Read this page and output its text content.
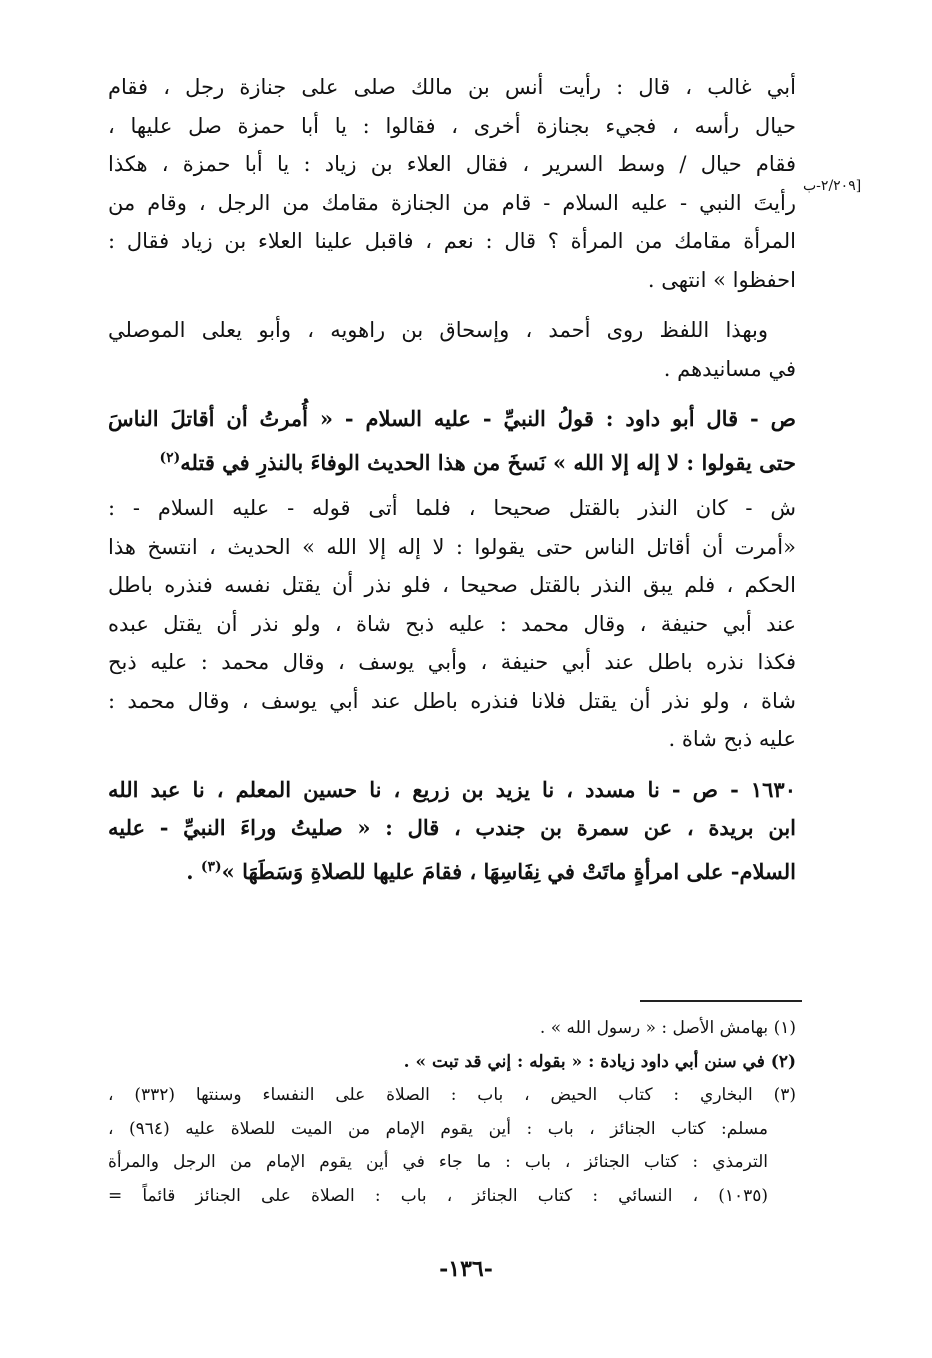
[٢/٢٠٩-ب
أبي غالب ، قال : رأيت أنس بن مالك صلى على جنازة رجل ، فقام
حيال رأسه ، فجيء بجنازة أخرى ، فقالوا : يا أبا حمزة صل عليها ،
فقام حيال / وسط السرير ، فقال العلاء بن زياد : يا أبا حمزة ، هكذا
رأيتَ النبي - عليه السلام - قام من الجنازة مقامك من الرجل ، وقام من
المرأة مقامك من المرأة ؟ قال : نعم ، فاقبل علينا العلاء بن زياد فقال :
احفظوا » انتهى .
وبهذا اللفظ روى أحمد ، وإسحاق بن راهويه ، وأبو يعلى الموصلي
في مسانيدهم .
ص - قال أبو داود : قولُ النبيِّ - عليه السلام - « أُمرتُ أن أقاتلَ الناسَ
حتى يقولوا : لا إله إلا الله » نَسخَ من هذا الحديث الوفاءَ بالنذرِ في قتله$^{(٢)}$
ش - كان النذر بالقتل صحيحا ، فلما أتى قوله - عليه السلام - :
«أمرت أن أقاتل الناس حتى يقولوا : لا إله إلا الله » الحديث ، انتسخ هذا
الحكم ، فلم يبق النذر بالقتل صحيحا ، فلو نذر أن يقتل نفسه فنذره باطل
عند أبي حنيفة ، وقال محمد : عليه ذبح شاة ، ولو نذر أن يقتل عبده
فكذا نذره باطل عند أبي حنيفة ، وأبي يوسف ، وقال محمد : عليه ذبح
شاة ، ولو نذر أن يقتل فلانا فنذره باطل عند أبي يوسف ، وقال محمد :
عليه ذبح شاة .
١٦٣٠ - ص - نا مسدد ، نا يزيد بن زريع ، نا حسين المعلم ، نا عبد الله
ابن بريدة ، عن سمرة بن جندب ، قال : « صليتُ وراءَ النبيِّ - عليه
السلام- على امرأةٍ ماتَتْ في نِفَاسِهَا ، فقامَ عليها للصلاةِ وَسَطَهَا »$^{(٣)}$ .
(١) بهامش الأصل : « رسول الله » .
(٢) في سنن أبي داود زيادة : « بقوله : إني قد تبت » .
(٣) البخاري : كتاب الحيض ، باب : الصلاة على النفساء وسنتها (٣٣٢) ،
مسلم: كتاب الجنائز ، باب : أين يقوم الإمام من الميت للصلاة عليه (٩٦٤) ،
الترمذي : كتاب الجنائز ، باب : ما جاء في أين يقوم الإمام من الرجل والمرأة
(١٠٣٥) ، النسائي : كتاب الجنائز ، باب : الصلاة على الجنائز قائماً =
-١٣٦-
